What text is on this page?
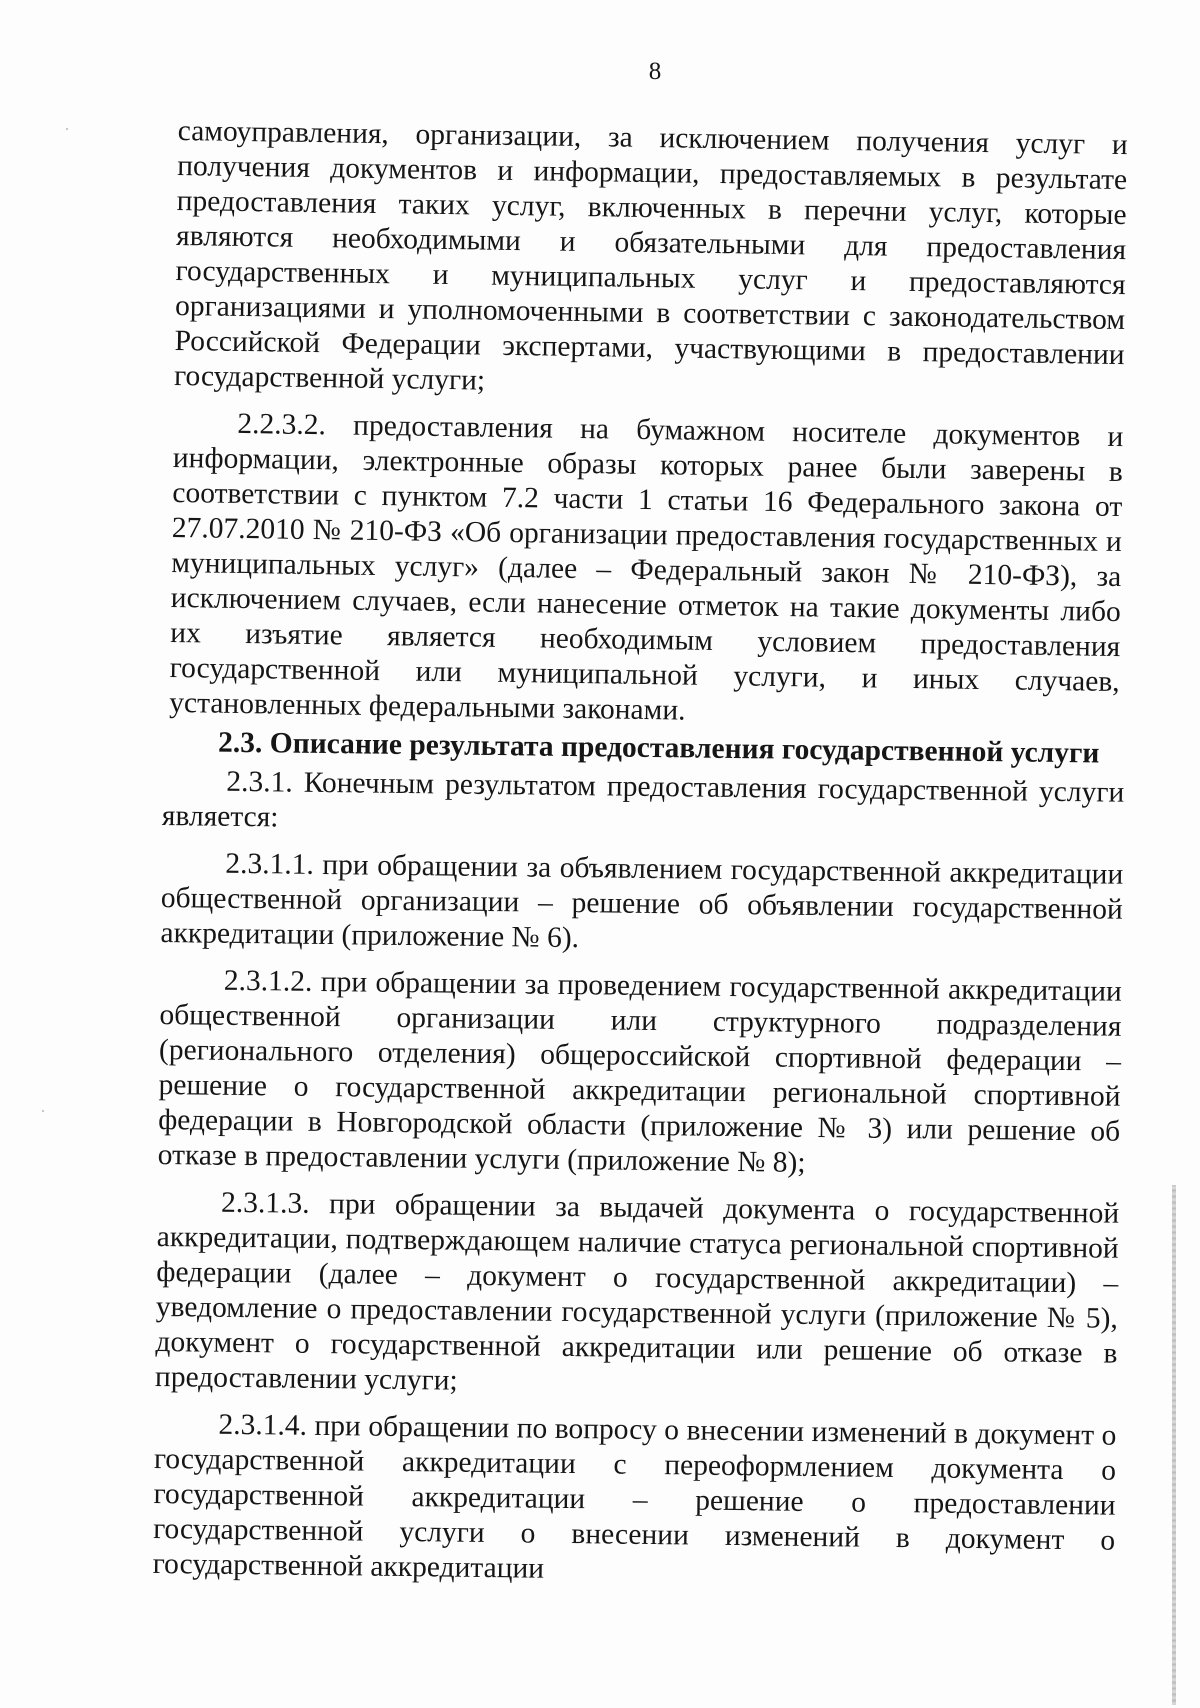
8

самоуправления, организации, за исключением получения услуг и получения документов и информации, предоставляемых в результате предоставления таких услуг, включенных в перечни услуг, которые являются необходимыми и обязательными для предоставления государственных и муниципальных услуг и предоставляются организациями и уполномоченными в соответствии с законодательством Российской Федерации экспертами, участвующими в предоставлении государственной услуги;

2.2.3.2. предоставления на бумажном носителе документов и информации, электронные образы которых ранее были заверены в соответствии с пунктом 7.2 части 1 статьи 16 Федерального закона от 27.07.2010 № 210-ФЗ «Об организации предоставления государственных и муниципальных услуг» (далее – Федеральный закон № 210-ФЗ), за исключением случаев, если нанесение отметок на такие документы либо их изъятие является необходимым условием предоставления государственной или муниципальной услуги, и иных случаев, установленных федеральными законами.

2.3. Описание результата предоставления государственной услуги

2.3.1. Конечным результатом предоставления государственной услуги является:

2.3.1.1. при обращении за объявлением государственной аккредитации общественной организации – решение об объявлении государственной аккредитации (приложение № 6).

2.3.1.2. при обращении за проведением государственной аккредитации общественной организации или структурного подразделения (регионального отделения) общероссийской спортивной федерации – решение о государственной аккредитации региональной спортивной федерации в Новгородской области (приложение № 3) или решение об отказе в предоставлении услуги (приложение № 8);

2.3.1.3. при обращении за выдачей документа о государственной аккредитации, подтверждающем наличие статуса региональной спортивной федерации (далее – документ о государственной аккредитации) – уведомление о предоставлении государственной услуги (приложение № 5), документ о государственной аккредитации или решение об отказе в предоставлении услуги;

2.3.1.4. при обращении по вопросу о внесении изменений в документ о государственной аккредитации с переоформлением документа о государственной аккредитации – решение о предоставлении государственной услуги о внесении изменений в документ о государственной аккредитации
